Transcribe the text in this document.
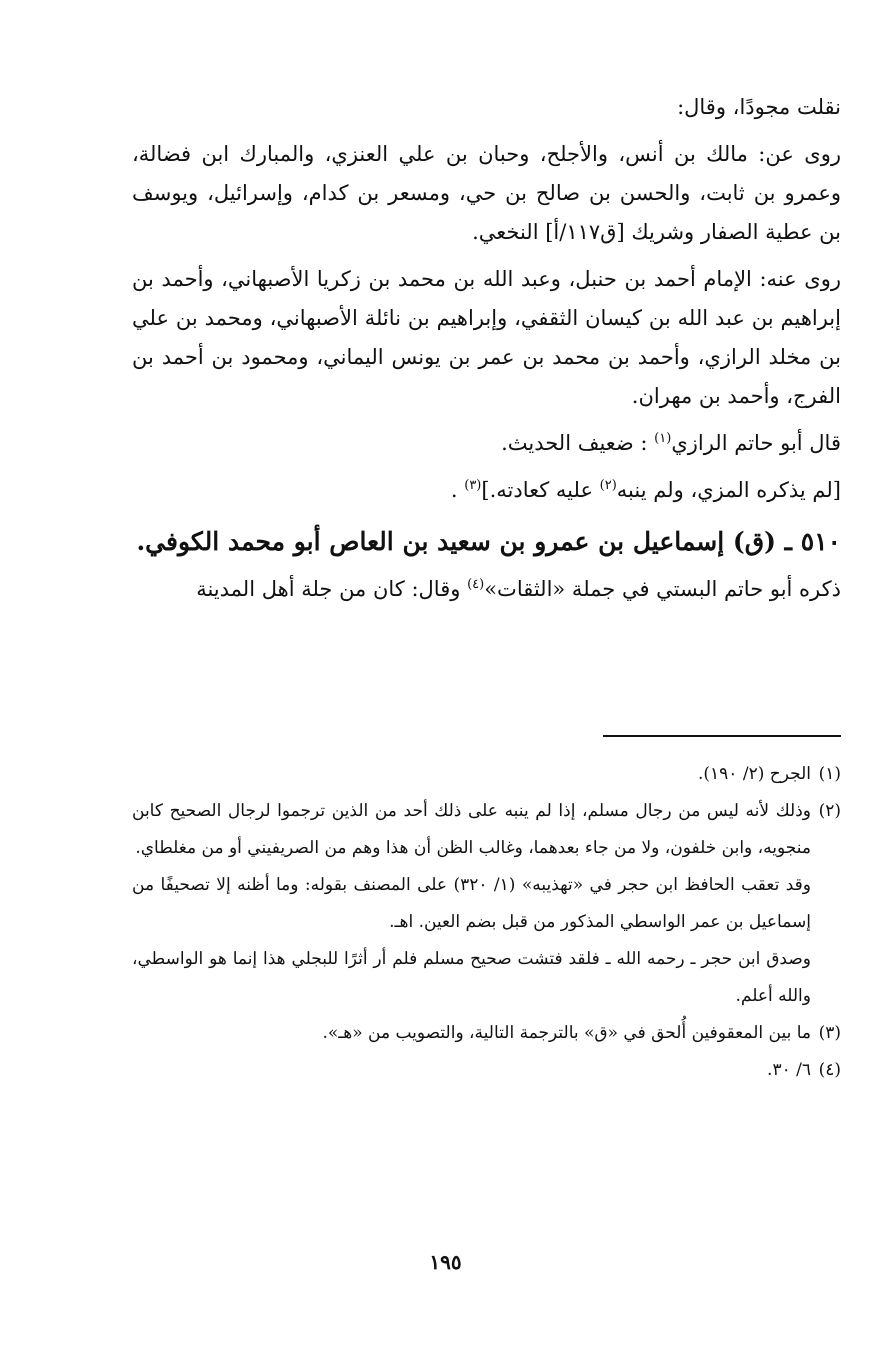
نقلت مجودًا، وقال:

روى عن: مالك بن أنس، والأجلح، وحبان بن علي العنزي، والمبارك ابن فضالة، وعمرو بن ثابت، والحسن بن صالح بن حي، ومسعر بن كدام، وإسرائيل، ويوسف بن عطية الصفار وشريك [ق١١٧/أ] النخعي.

روى عنه: الإمام أحمد بن حنبل، وعبد الله بن محمد بن زكريا الأصبهاني، وأحمد بن إبراهيم بن عبد الله بن كيسان الثقفي، وإبراهيم بن نائلة الأصبهاني، ومحمد بن علي بن مخلد الرازي، وأحمد بن محمد بن عمر بن يونس اليماني، ومحمود بن أحمد بن الفرج، وأحمد بن مهران.

قال أبو حاتم الرازي$^{(١)}$ : ضعيف الحديث.

[لم يذكره المزي، ولم ينبه$^{(٢)}$ عليه كعادته.]$^{(٣)}$ .

٥١٠ ـ (ق) إسماعيل بن عمرو بن سعيد بن العاص أبو محمد الكوفي.

ذكره أبو حاتم البستي في جملة «الثقات»$^{(٤)}$ وقال: كان من جلة أهل المدينة

(١)
الجرح (٢/ ١٩٠).

(٢)
وذلك لأنه ليس من رجال مسلم، إذا لم ينبه على ذلك أحد من الذين ترجموا لرجال الصحيح كابن منجويه، وابن خلفون، ولا من جاء بعدهما، وغالب الظن أن هذا وهم من الصريفيني أو من مغلطاي.

وقد تعقب الحافظ ابن حجر في «تهذيبه» (١/ ٣٢٠) على المصنف بقوله: وما أظنه إلا تصحيفًا من إسماعيل بن عمر الواسطي المذكور من قبل بضم العين. اهـ.

وصدق ابن حجر ـ رحمه الله ـ فلقد فتشت صحيح مسلم فلم أر أثرًا للبجلي هذا إنما هو الواسطي، والله أعلم.

(٣)
ما بين المعقوفين أُلحق في «ق» بالترجمة التالية، والتصويب من «هـ».

(٤)
٦/ ٣٠.

١٩٥
